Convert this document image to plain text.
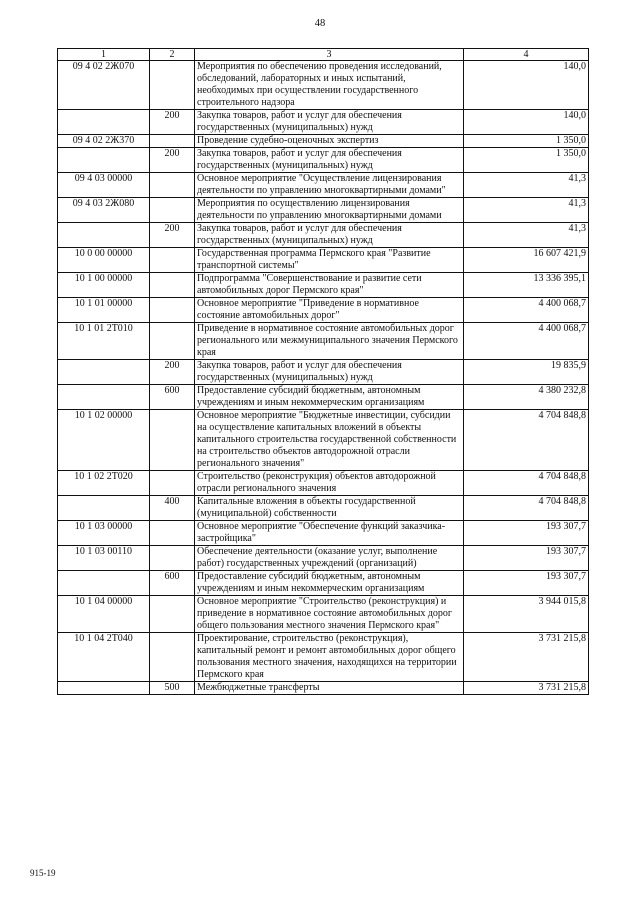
48
1	2	3	4
09 4 02 2Ж070		Мероприятия по обеспечению проведения исследований, обследований, лабораторных и иных испытаний, необходимых при осуществлении государственного строительного надзора	140,0
	200	Закупка товаров, работ и услуг для обеспечения государственных (муниципальных) нужд	140,0
09 4 02 2Ж370		Проведение судебно-оценочных экспертиз	1 350,0
	200	Закупка товаров, работ и услуг для обеспечения государственных (муниципальных) нужд	1 350,0
09 4 03 00000		Основное мероприятие "Осуществление лицензирования деятельности по управлению многоквартирными домами"	41,3
09 4 03 2Ж080		Мероприятия по осуществлению лицензирования деятельности по управлению многоквартирными домами	41,3
	200	Закупка товаров, работ и услуг для обеспечения государственных (муниципальных) нужд	41,3
10 0 00 00000		Государственная программа Пермского края "Развитие транспортной системы"	16 607 421,9
10 1 00 00000		Подпрограмма "Совершенствование и развитие сети автомобильных дорог Пермского края"	13 336 395,1
10 1 01 00000		Основное мероприятие "Приведение в нормативное состояние автомобильных дорог"	4 400 068,7
10 1 01 2Т010		Приведение в нормативное состояние автомобильных дорог регионального или межмуниципального значения Пермского края	4 400 068,7
	200	Закупка товаров, работ и услуг для обеспечения государственных (муниципальных) нужд	19 835,9
	600	Предоставление субсидий бюджетным, автономным учреждениям и иным некоммерческим организациям	4 380 232,8
10 1 02 00000		Основное мероприятие "Бюджетные инвестиции, субсидии на осуществление капитальных вложений в объекты капитального строительства государственной собственности на строительство объектов автодорожной отрасли регионального значения"	4 704 848,8
10 1 02 2Т020		Строительство (реконструкция) объектов автодорожной отрасли регионального значения	4 704 848,8
	400	Капитальные вложения в объекты государственной (муниципальной) собственности	4 704 848,8
10 1 03 00000		Основное мероприятие "Обеспечение функций заказчика-застройщика"	193 307,7
10 1 03 00110		Обеспечение деятельности (оказание услуг, выполнение работ) государственных учреждений (организаций)	193 307,7
	600	Предоставление субсидий бюджетным, автономным учреждениям и иным некоммерческим организациям	193 307,7
10 1 04 00000		Основное мероприятие "Строительство (реконструкция) и приведение в нормативное состояние автомобильных дорог общего пользования местного значения Пермского края"	3 944 015,8
10 1 04 2Т040		Проектирование, строительство (реконструкция), капитальный ремонт и ремонт автомобильных дорог общего пользования местного значения, находящихся на территории Пермского края	3 731 215,8
	500	Межбюджетные трансферты	3 731 215,8
915-19
